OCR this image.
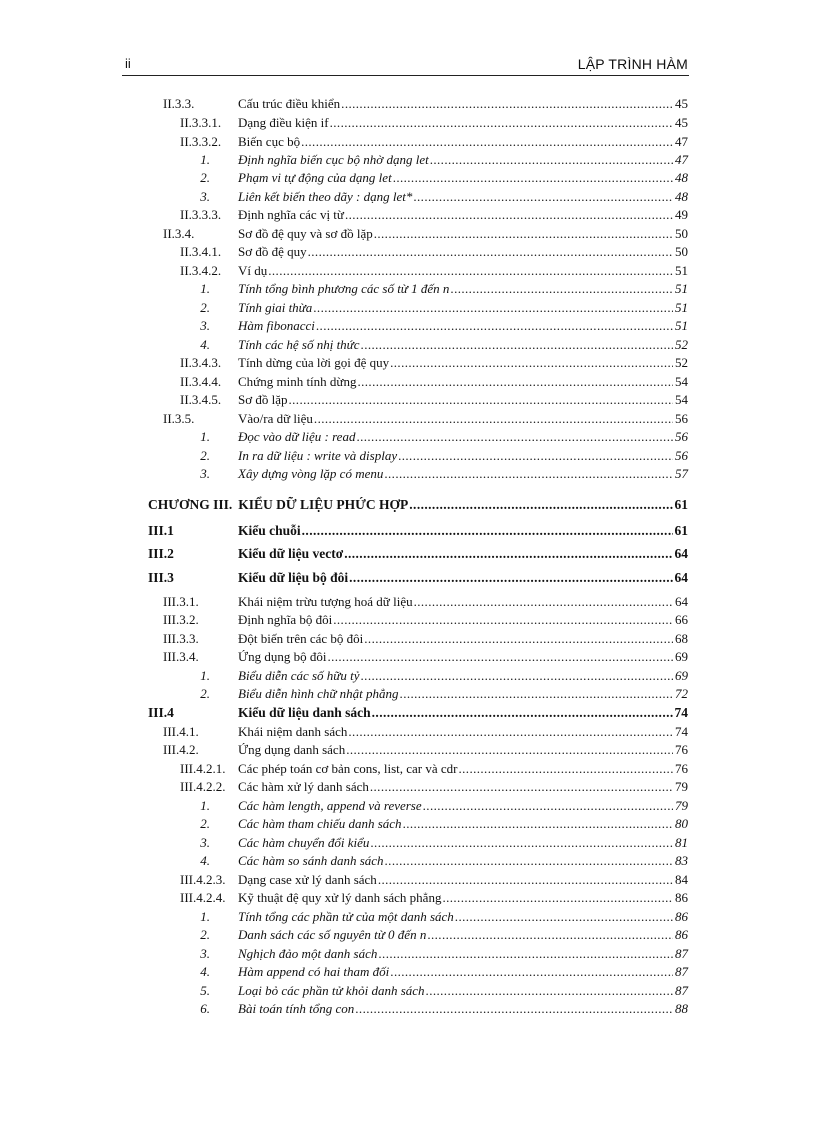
ii	LẬP TRÌNH HÀM
II.3.3.	Cấu trúc điều khiển .....	45
II.3.3.1.	Dạng điều kiện if .....	45
II.3.3.2.	Biến cục bộ .....	47
1. Định nghĩa biến cục bộ nhờ dạng let .....	47
2. Phạm vi tự động của dạng let .....	48
3. Liên kết biến theo dãy : dạng let* .....	48
II.3.3.3.	Định nghĩa các vị từ .....	49
II.3.4.	Sơ đồ đệ quy và sơ đồ lặp .....	50
II.3.4.1.	Sơ đồ đệ quy .....	50
II.3.4.2.	Ví dụ .....	51
1. Tính tổng bình phương các số từ 1 đến n .....	51
2. Tính giai thừa .....	51
3. Hàm fibonacci .....	51
4. Tính các hệ số nhị thức .....	52
II.3.4.3.	Tính dừng của lời gọi đệ quy .....	52
II.3.4.4.	Chứng minh tính dừng .....	54
II.3.4.5.	Sơ đồ lặp .....	54
II.3.5.	Vào/ra dữ liệu .....	56
1. Đọc vào dữ liệu : read .....	56
2. In ra dữ liệu : write và display .....	56
3. Xây dựng vòng lặp có menu .....	57
CHƯƠNG III. KIỂU DỮ LIỆU PHỨC HỢP .....	61
III.1	Kiểu chuỗi .....	61
III.2	Kiểu dữ liệu vectơ .....	64
III.3	Kiểu dữ liệu bộ đôi .....	64
III.3.1.	Khái niệm trừu tượng hoá dữ liệu .....	64
III.3.2.	Định nghĩa bộ đôi .....	66
III.3.3.	Đột biến trên các bộ đôi .....	68
III.3.4.	Ứng dụng bộ đôi .....	69
1. Biểu diễn các số hữu tỷ .....	69
2. Biểu diễn hình chữ nhật phẳng .....	72
III.4	Kiểu dữ liệu danh sách .....	74
III.4.1.	Khái niệm danh sách .....	74
III.4.2.	Ứng dụng danh sách .....	76
III.4.2.1. Các phép toán cơ bản cons, list, car và cdr .....	76
III.4.2.2. Các hàm xử lý danh sách .....	79
1. Các hàm length, append và reverse .....	79
2. Các hàm tham chiếu danh sách .....	80
3. Các hàm chuyển đổi kiểu .....	81
4. Các hàm so sánh danh sách .....	83
III.4.2.3. Dạng case xử lý danh sách .....	84
III.4.2.4. Kỹ thuật đệ quy xử lý danh sách phẳng .....	86
1. Tính tổng các phần tử của một danh sách .....	86
2. Danh sách các số nguyên từ 0 đến n .....	86
3. Nghịch đảo một danh sách .....	87
4. Hàm append có hai tham đối .....	87
5. Loại bỏ các phần tử khỏi danh sách .....	87
6. Bài toán tính tổng con .....	88
